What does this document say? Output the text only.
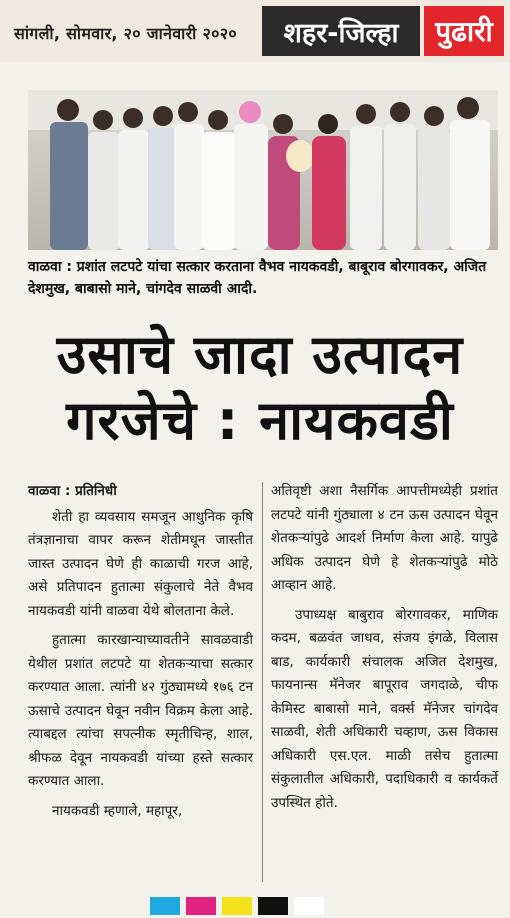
सांगली, सोमवार, २० जानेवारी २०२०	शहर-जिल्हा	पुढारी
वाळवा : प्रशांत लटपटे यांचा सत्कार करताना वैभव नायकवडी, बाबूराव बोरगावकर, अजित देशमुख, बाबासो माने, चांगदेव साळवी आदी.
उसाचे जादा उत्पादन
गरजेचे : नायकवडी

वाळवा : प्रतिनिधी

शेती हा व्यवसाय समजून आधुनिक कृषि तंत्रज्ञानाचा वापर करून शेतीमधून जास्तीत जास्त उत्पादन घेणे ही काळाची गरज आहे, असे प्रतिपादन हुतात्मा संकुलाचे नेते वैभव नायकवडी यांनी वाळवा येथे बोलताना केले.

हुतात्मा कारखान्याच्यावतीने सावळवाडी येथील प्रशांत लटपटे या शेतकऱ्याचा सत्कार करण्यात आला. त्यांनी ४२ गुंठ्यामध्ये १७६ टन ऊसाचे उत्पादन घेवून नवीन विक्रम केला आहे. त्याबद्दल त्यांचा सपत्नीक स्मृतीचिन्ह, शाल, श्रीफळ देवून नायकवडी यांच्या हस्ते सत्कार करण्यात आला.

नायकवडी म्हणाले, महापूर,

अतिवृष्टी अशा नैसर्गिक आपत्तीमध्येही प्रशांत लटपटे यांनी गुंठ्याला ४ टन ऊस उत्पादन घेवून शेतकऱ्यांपुढे आदर्श निर्माण केला आहे. यापुढे अधिक उत्पादन घेणे हे शेतकऱ्यांपुढे मोठे आव्हान आहे.

उपाध्यक्ष बाबुराव बोरगावकर, माणिक कदम, बळवंत जाधव, संजय इंगळे, विलास बाड, कार्यकारी संचालक अजित देशमुख, फायनान्स मॅनेजर बापूराव जगदाळे, चीफ केमिस्ट बाबासो माने, वर्क्स मॅनेजर चांगदेव साळवी, शेती अधिकारी चव्हाण, ऊस विकास अधिकारी एस.एल. माळी तसेच हुतात्मा संकुलातील अधिकारी, पदाधिकारी व कार्यकर्ते उपस्थित होते.
